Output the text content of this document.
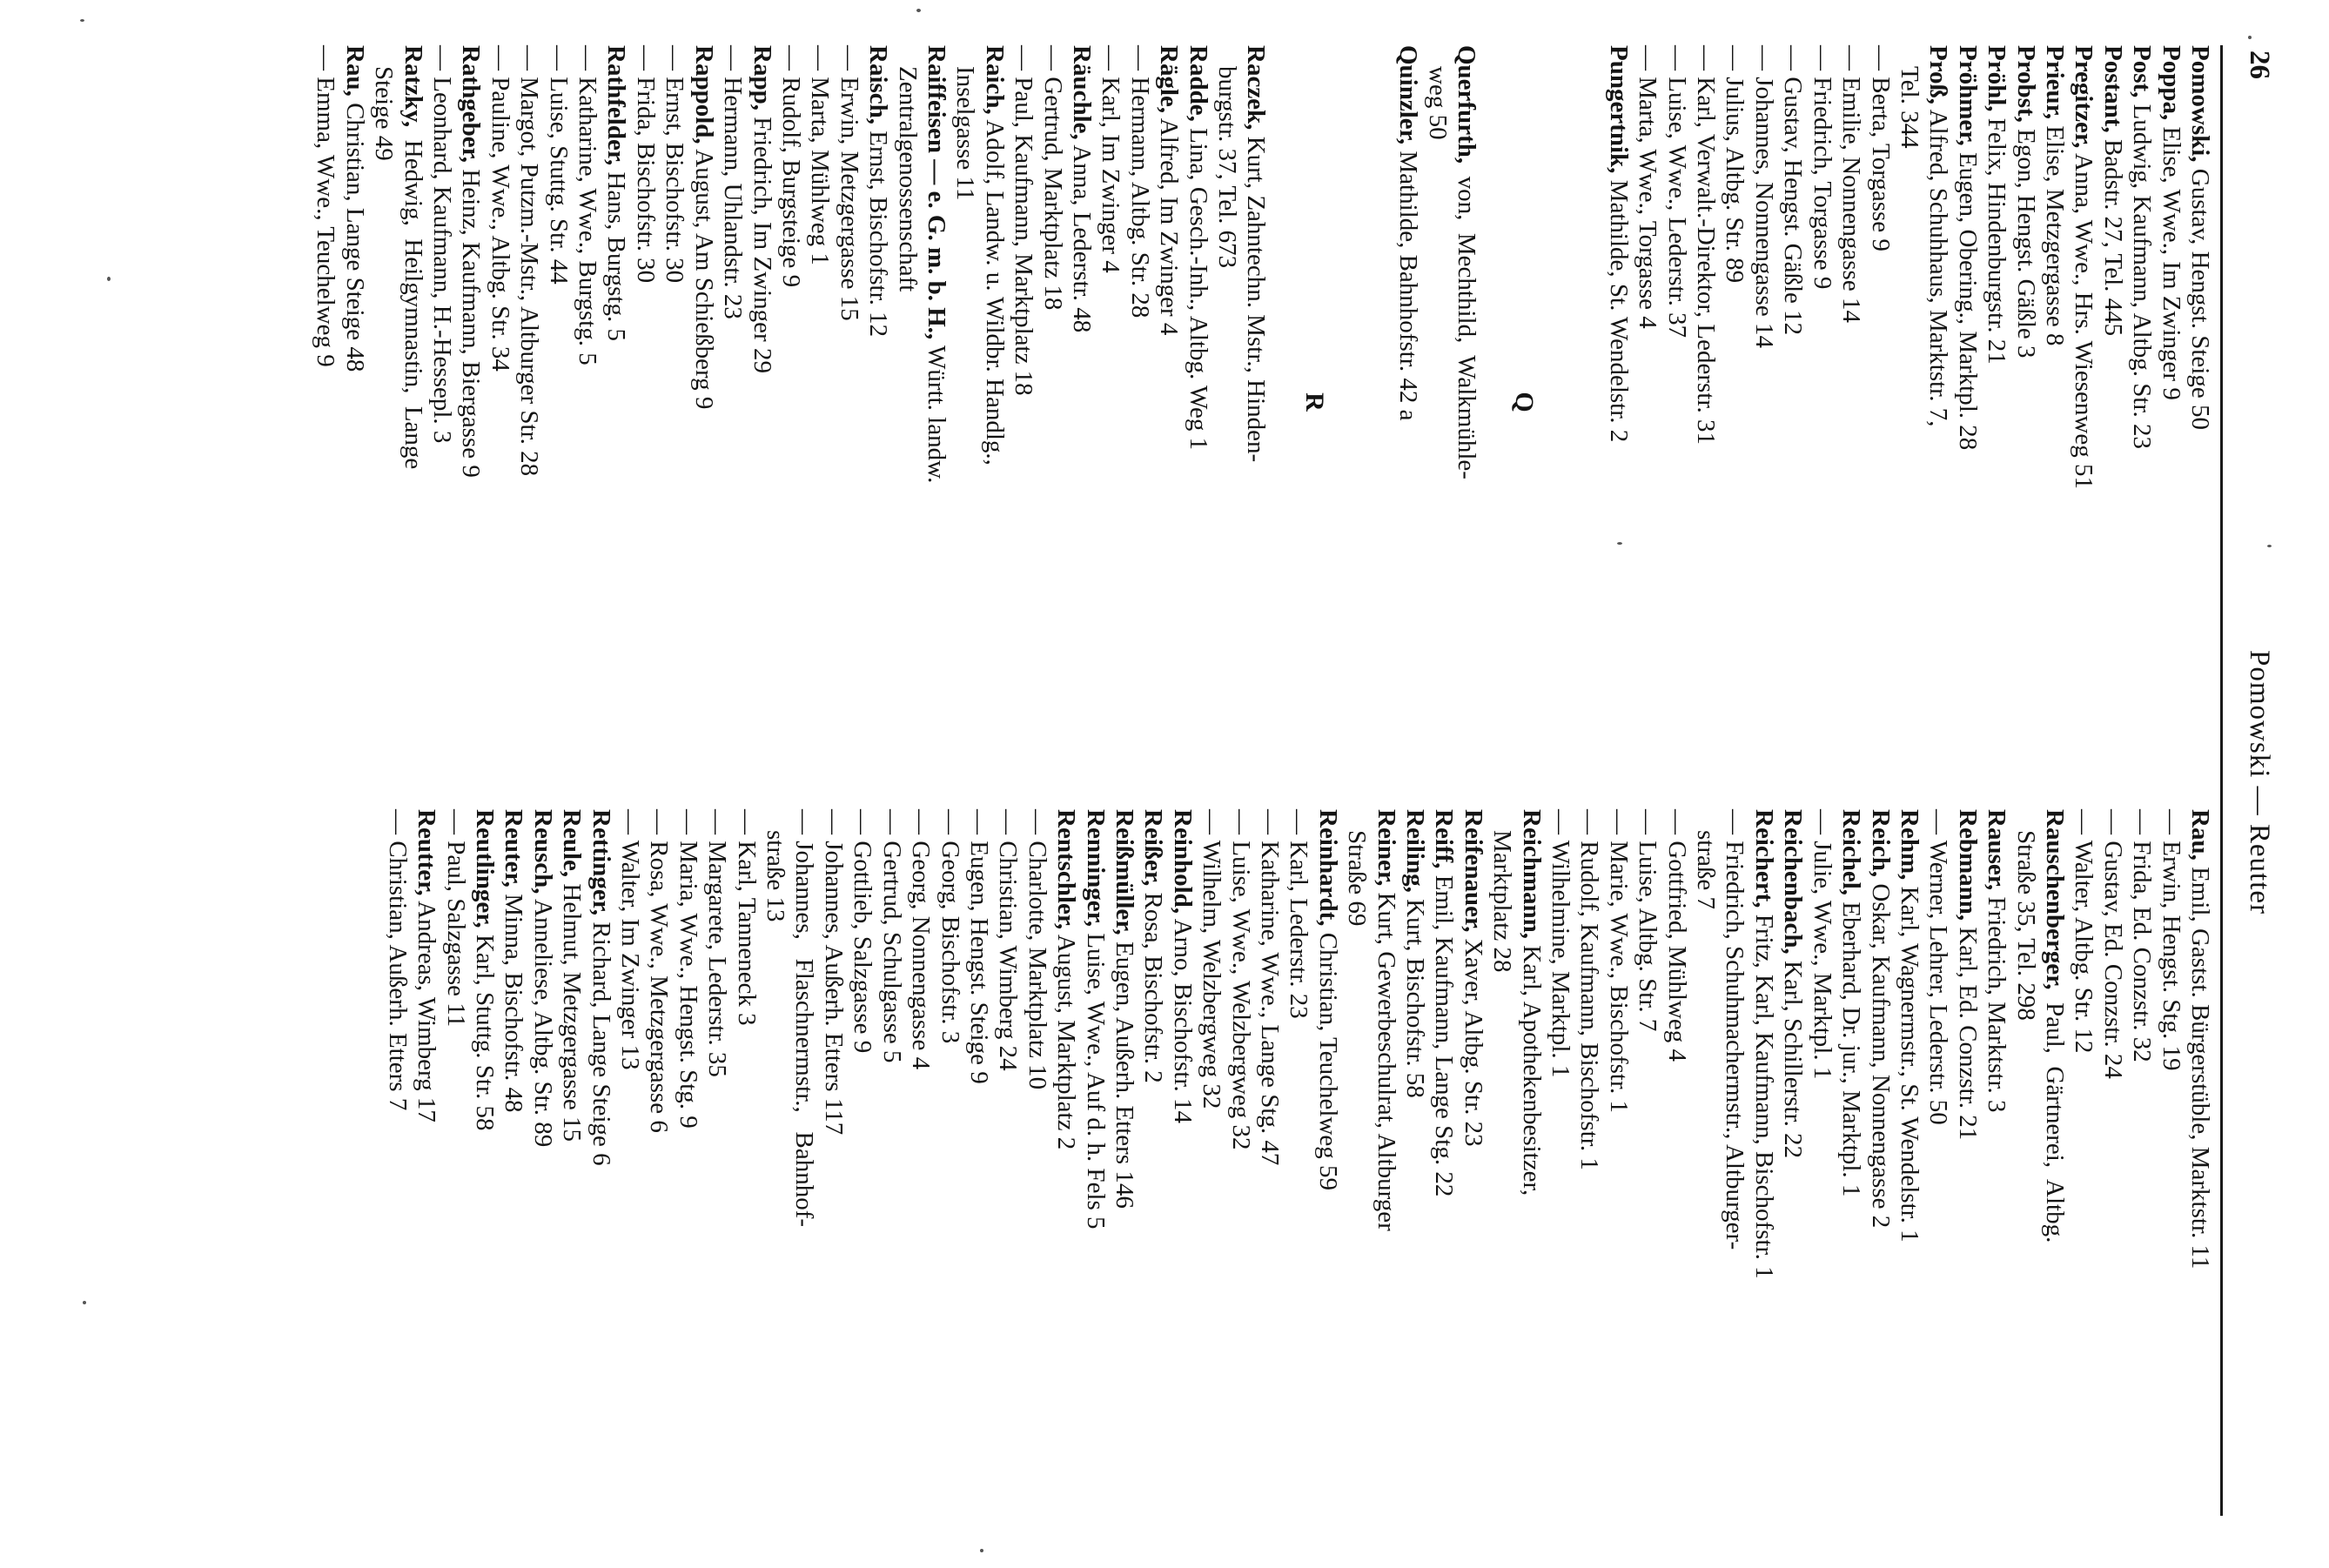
26
Pomowski — Reutter
Pomowski, Gustav, Hengst. Steige 50
Poppa, Elise, Wwe., Im Zwinger 9
Post, Ludwig, Kaufmann, Altbg. Str. 23
Postant, Badstr. 27, Tel. 445
Pregitzer, Anna, Wwe., Hrs. Wiesenweg 51
Prieur, Elise, Metzgergasse 8
Probst, Egon, Hengst. Gäßle 3
Pröhl, Felix, Hindenburgstr. 21
Pröhmer, Eugen, Obering., Marktpl. 28
Proß, Alfred, Schuhhaus, Marktstr. 7,
Tel. 344
— Berta, Torgasse 9
— Emilie, Nonnengasse 14
— Friedrich, Torgasse 9
— Gustav, Hengst. Gäßle 12
— Johannes, Nonnengasse 14
— Julius, Altbg. Str. 89
— Karl, Verwalt.-Direktor, Lederstr. 31
— Luise, Wwe., Lederstr. 37
— Marta, Wwe., Torgasse 4
Pungertnik, Mathilde, St. Wendelstr. 2
Q
Querfurth,  von,  Mechthild,  Walkmühle-
weg 50
Quinzler, Mathilde, Bahnhofstr. 42 a
R
Raczek, Kurt, Zahntechn. Mstr., Hinden-
burgstr. 37, Tel. 673
Radde, Lina, Gesch.-Inh., Altbg. Weg 1
Rägle, Alfred, Im Zwinger 4
— Hermann, Altbg. Str. 28
— Karl, Im Zwinger 4
Räuchle, Anna, Lederstr. 48
— Gertrud, Marktplatz 18
— Paul, Kaufmann, Marktplatz 18
Raich, Adolf, Landw. u. Wildbr. Handlg.,
Inselgasse 11
Raiffeisen — e. G. m. b. H., Württ. landw.
Zentralgenossenschaft
Raisch, Ernst, Bischofstr. 12
— Erwin, Metzgergasse 15
— Marta, Mühlweg 1
— Rudolf, Burgsteige 9
Rapp, Friedrich, Im Zwinger 29
— Hermann, Uhlandstr. 23
Rappold, August, Am Schießberg 9
— Ernst, Bischofstr. 30
— Frida, Bischofstr. 30
Rathfelder, Hans, Burgstg. 5
— Katharine, Wwe., Burgstg. 5
— Luise, Stuttg. Str. 44
— Margot, Putzm.-Mstr., Altburger Str. 28
— Pauline, Wwe., Altbg. Str. 34
Rathgeber, Heinz, Kaufmann, Biergasse 9
— Leonhard, Kaufmann, H.-Hessepl. 3
Ratzky,  Hedwig,  Heilgymnastin,  Lange
Steige 49
Rau, Christian, Lange Steige 48
— Emma, Wwe., Teuchelweg 9
Rau, Emil, Gastst. Bürgerstüble, Marktstr. 11
— Erwin, Hengst. Stg. 19
— Frida, Ed. Conzstr. 32
— Gustav, Ed. Conzstr. 24
— Walter, Altbg. Str. 12
Rauschenberger,  Paul,  Gärtnerei,  Altbg.
Straße 35, Tel. 298
Rauser, Friedrich, Marktstr. 3
Rebmann, Karl, Ed. Conzstr. 21
— Werner, Lehrer, Lederstr. 50
Rehm, Karl, Wagnermstr., St. Wendelstr. 1
Reich, Oskar, Kaufmann, Nonnengasse 2
Reichel, Eberhard, Dr. jur., Marktpl. 1
— Julie, Wwe., Marktpl. 1
Reichenbach, Karl, Schillerstr. 22
Reichert, Fritz, Karl, Kaufmann, Bischofstr. 1
— Friedrich, Schuhmachermstr., Altburger-
straße 7
— Gottfried, Mühlweg 4
— Luise, Altbg. Str. 7
— Marie, Wwe., Bischofstr. 1
— Rudolf, Kaufmann, Bischofstr. 1
— Wilhelmine, Marktpl. 1
Reichmann, Karl, Apothekenbesitzer,
Marktplatz 28
Reifenauer, Xaver, Altbg. Str. 23
Reiff, Emil, Kaufmann, Lange Stg. 22
Reiling, Kurt, Bischofstr. 58
Reiner, Kurt, Gewerbeschulrat, Altburger
Straße 69
Reinhardt, Christian, Teuchelweg 59
— Karl, Lederstr. 23
— Katharine, Wwe., Lange Stg. 47
— Luise, Wwe., Welzbergweg 32
— Wilhelm, Welzbergweg 32
Reinhold, Arno, Bischofstr. 14
Reißer, Rosa, Bischofstr. 2
Reißmüller, Eugen, Außerh. Etters 146
Renninger, Luise, Wwe., Auf d. h. Fels 5
Rentschler, August, Marktplatz 2
— Charlotte, Marktplatz 10
— Christian, Wimberg 24
— Eugen, Hengst. Steige 9
— Georg, Bischofstr. 3
— Georg, Nonnengasse 4
— Gertrud, Schulgasse 5
— Gottlieb, Salzgasse 9
— Johannes, Außerh. Etters 117
— Johannes,   Flaschnermstr.,   Bahnhof-
straße 13
— Karl, Tanneneck 3
— Margarete, Lederstr. 35
— Maria, Wwe., Hengst. Stg. 9
— Rosa, Wwe., Metzgergasse 6
— Walter, Im Zwinger 13
Rettinger, Richard, Lange Steige 6
Reule, Helmut, Metzgergasse 15
Reusch, Anneliese, Altbg. Str. 89
Reuter, Minna, Bischofstr. 48
Reutlinger, Karl, Stuttg. Str. 58
— Paul, Salzgasse 11
Reutter, Andreas, Wimberg 17
— Christian, Außerh. Etters 7
